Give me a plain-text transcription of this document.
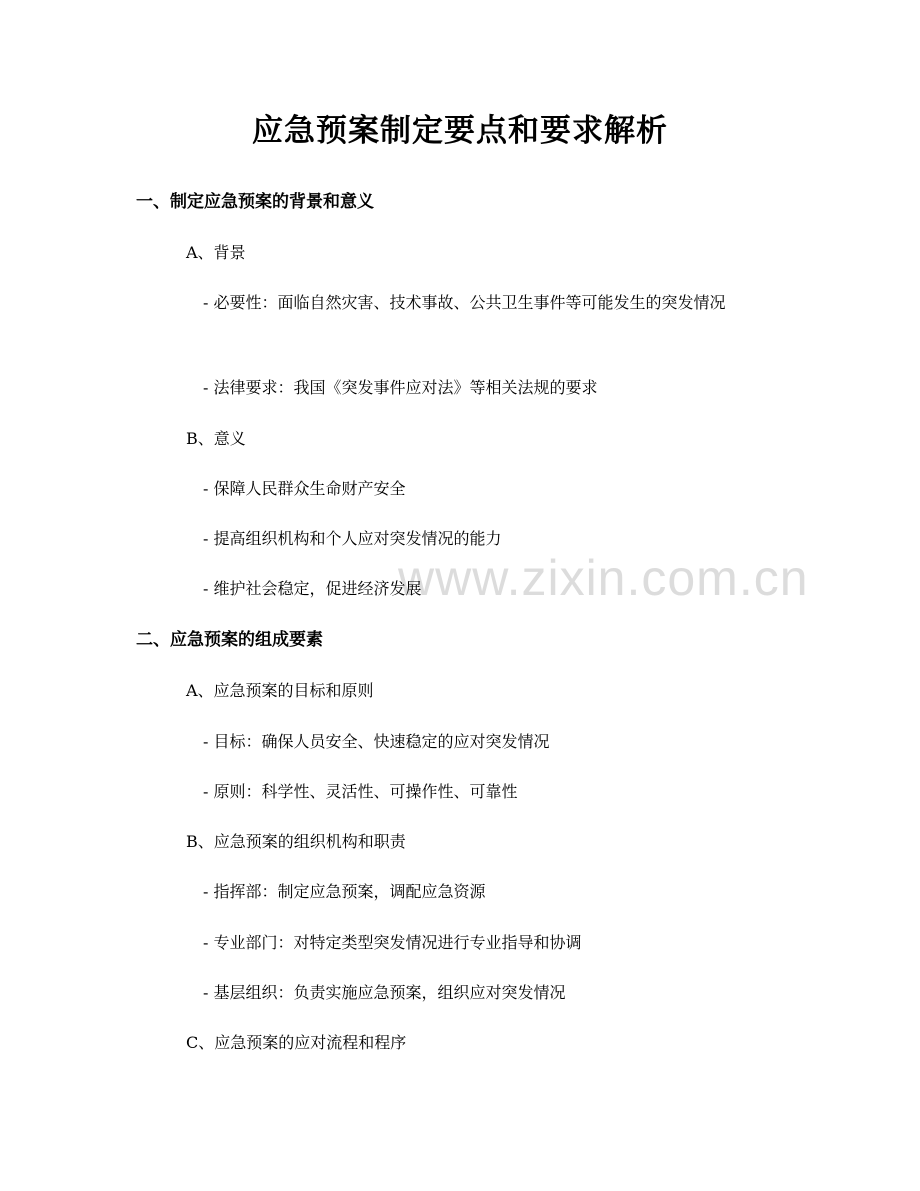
应急预案制定要点和要求解析
www.zixin.com.cn
一、制定应急预案的背景和意义
A、背景
- 必要性：面临自然灾害、技术事故、公共卫生事件等可能发生的突发情况
- 法律要求：我国《突发事件应对法》等相关法规的要求
B、意义
- 保障人民群众生命财产安全
- 提高组织机构和个人应对突发情况的能力
- 维护社会稳定，促进经济发展
二、应急预案的组成要素
A、应急预案的目标和原则
- 目标：确保人员安全、快速稳定的应对突发情况
- 原则：科学性、灵活性、可操作性、可靠性
B、应急预案的组织机构和职责
- 指挥部：制定应急预案，调配应急资源
- 专业部门：对特定类型突发情况进行专业指导和协调
- 基层组织：负责实施应急预案，组织应对突发情况
C、应急预案的应对流程和程序
